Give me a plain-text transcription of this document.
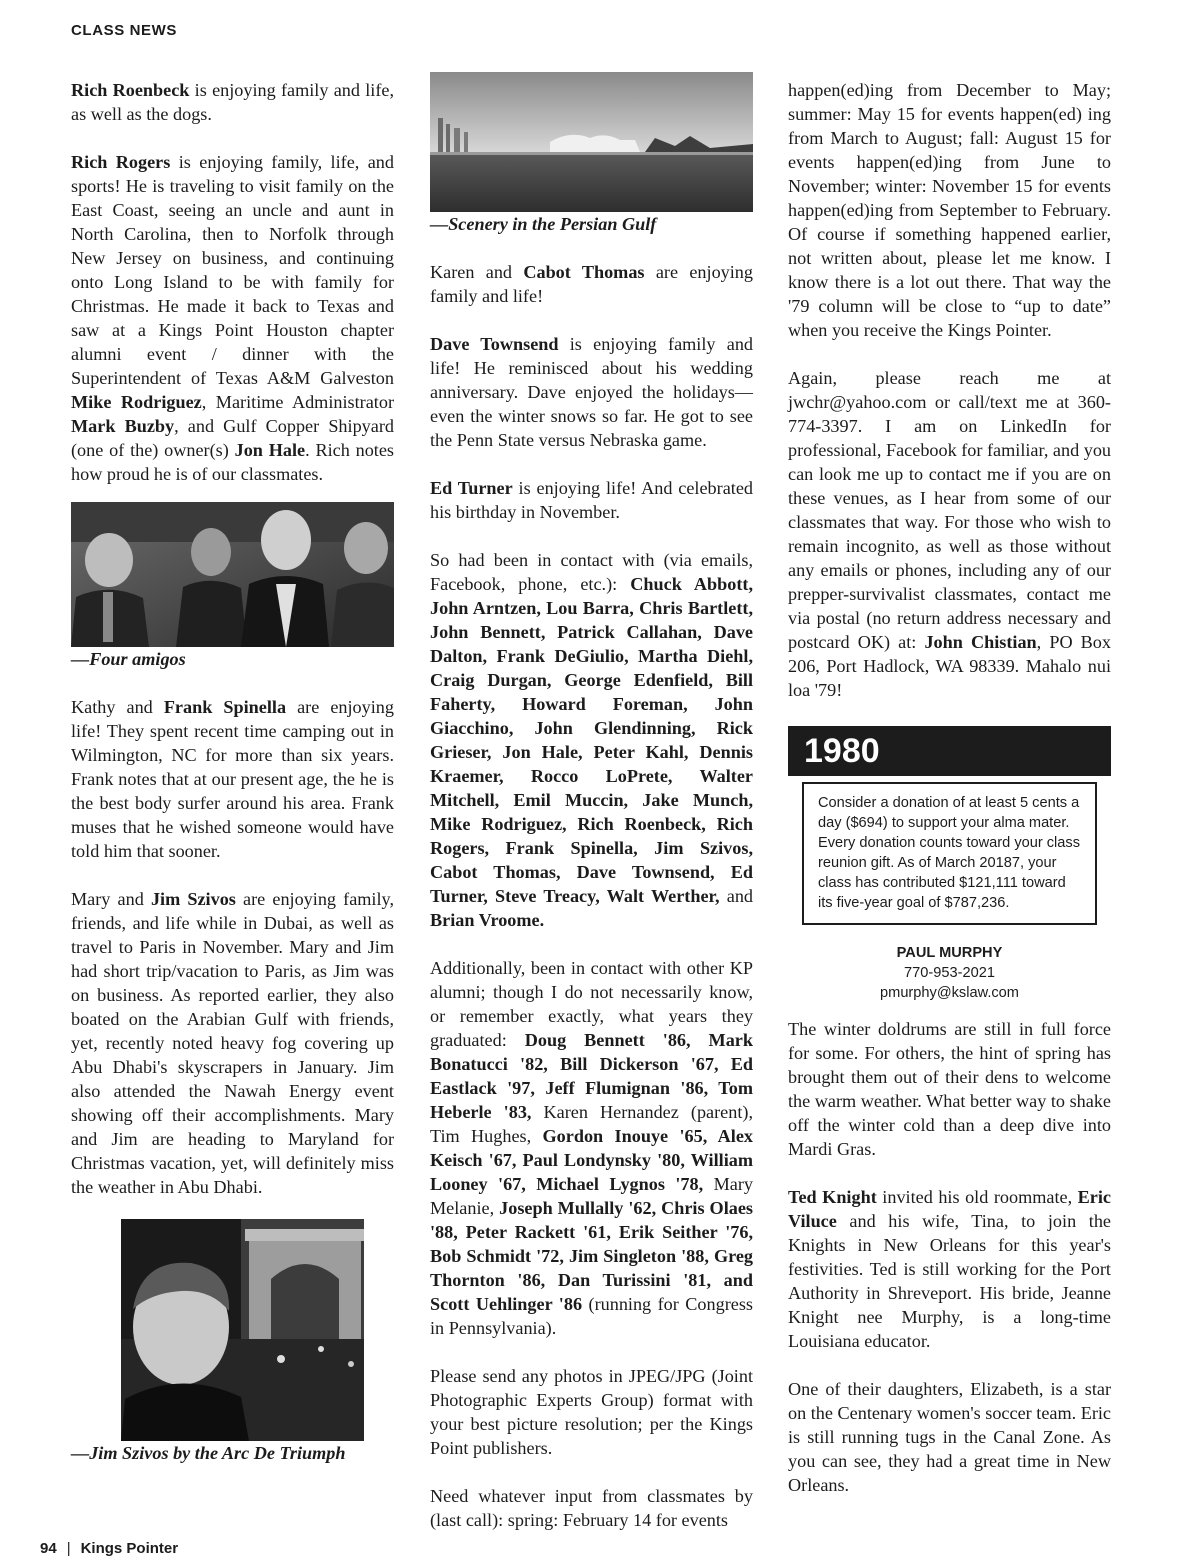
CLASS NEWS

Rich Roenbeck is enjoying family and life, as well as the dogs.

Rich Rogers is enjoying family, life, and sports! He is traveling to visit family on the East Coast, seeing an uncle and aunt in North Carolina, then to Norfolk through New Jersey on business, and continuing onto Long Island to be with family for Christmas. He made it back to Texas and saw at a Kings Point Houston chapter alumni event / dinner with the Superintendent of Texas A&M Galveston Mike Rodriguez, Maritime Administrator Mark Buzby, and Gulf Copper Shipyard (one of the) owner(s) Jon Hale. Rich notes how proud he is of our classmates.

—Four amigos

Kathy and Frank Spinella are enjoying life! They spent recent time camping out in Wilmington, NC for more than six years. Frank notes that at our present age, the he is the best body surfer around his area. Frank muses that he wished someone would have told him that sooner.

Mary and Jim Szivos are enjoying family, friends, and life while in Dubai, as well as travel to Paris in November. Mary and Jim had short trip/vacation to Paris, as Jim was on business. As reported earlier, they also boated on the Arabian Gulf with friends, yet, recently noted heavy fog covering up Abu Dhabi's skyscrapers in January. Jim also attended the Nawah Energy event showing off their accomplishments. Mary and Jim are heading to Maryland for Christmas vacation, yet, will definitely miss the weather in Abu Dhabi.

—Jim Szivos by the Arc De Triumph

—Scenery in the Persian Gulf

Karen and Cabot Thomas are enjoying family and life!

Dave Townsend is enjoying family and life! He reminisced about his wedding anniversary. Dave enjoyed the holidays—even the winter snows so far. He got to see the Penn State versus Nebraska game.

Ed Turner is enjoying life! And celebrated his birthday in November.

So had been in contact with (via emails, Facebook, phone, etc.): Chuck Abbott, John Arntzen, Lou Barra, Chris Bartlett, John Bennett, Patrick Callahan, Dave Dalton, Frank DeGiulio, Martha Diehl, Craig Durgan, George Edenfield, Bill Faherty, Howard Foreman, John Giacchino, John Glendinning, Rick Grieser, Jon Hale, Peter Kahl, Dennis Kraemer, Rocco LoPrete, Walter Mitchell, Emil Muccin, Jake Munch, Mike Rodriguez, Rich Roenbeck, Rich Rogers, Frank Spinella, Jim Szivos, Cabot Thomas, Dave Townsend, Ed Turner, Steve Treacy, Walt Werther, and Brian Vroome.

Additionally, been in contact with other KP alumni; though I do not necessarily know, or remember exactly, what years they graduated: Doug Bennett '86, Mark Bonatucci '82, Bill Dickerson '67, Ed Eastlack '97, Jeff Flumignan '86, Tom Heberle '83, Karen Hernandez (parent), Tim Hughes, Gordon Inouye '65, Alex Keisch '67, Paul Londynsky '80, William Looney '67, Michael Lygnos '78, Mary Melanie, Joseph Mullally '62, Chris Olaes '88, Peter Rackett '61, Erik Seither '76, Bob Schmidt '72, Jim Singleton '88, Greg Thornton '86, Dan Turissini '81, and Scott Uehlinger '86 (running for Congress in Pennsylvania).

Please send any photos in JPEG/JPG (Joint Photographic Experts Group) format with your best picture resolution; per the Kings Point publishers.

Need whatever input from classmates by (last call): spring: February 14 for events

happen(ed)ing from December to May; summer: May 15 for events happen(ed) ing from March to August; fall: August 15 for events happen(ed)ing from June to November; winter: November 15 for events happen(ed)ing from September to February. Of course if something happened earlier, not written about, please let me know. I know there is a lot out there. That way the '79 column will be close to “up to date” when you receive the Kings Pointer.

Again, please reach me at jwchr@yahoo.com or call/text me at 360-774-3397. I am on LinkedIn for professional, Facebook for familiar, and you can look me up to contact me if you are on these venues, as I hear from some of our classmates that way. For those who wish to remain incognito, as well as those without any emails or phones, including any of our prepper-survivalist classmates, contact me via postal (no return address necessary and postcard OK) at: John Chistian, PO Box 206, Port Hadlock, WA 98339. Mahalo nui loa '79!

1980
Consider a donation of at least 5 cents a day ($694) to support your alma mater. Every donation counts toward your class reunion gift. As of March 20187, your class has contributed $121,111 toward its five-year goal of $787,236.
PAUL MURPHY
770-953-2021
pmurphy@kslaw.com

The winter doldrums are still in full force for some. For others, the hint of spring has brought them out of their dens to welcome the warm weather. What better way to shake off the winter cold than a deep dive into Mardi Gras.

Ted Knight invited his old roommate, Eric Viluce and his wife, Tina, to join the Knights in New Orleans for this year's festivities. Ted is still working for the Port Authority in Shreveport. His bride, Jeanne Knight nee Murphy, is a long-time Louisiana educator.

One of their daughters, Elizabeth, is a star on the Centenary women's soccer team. Eric is still running tugs in the Canal Zone. As you can see, they had a great time in New Orleans.

94 | Kings Pointer
